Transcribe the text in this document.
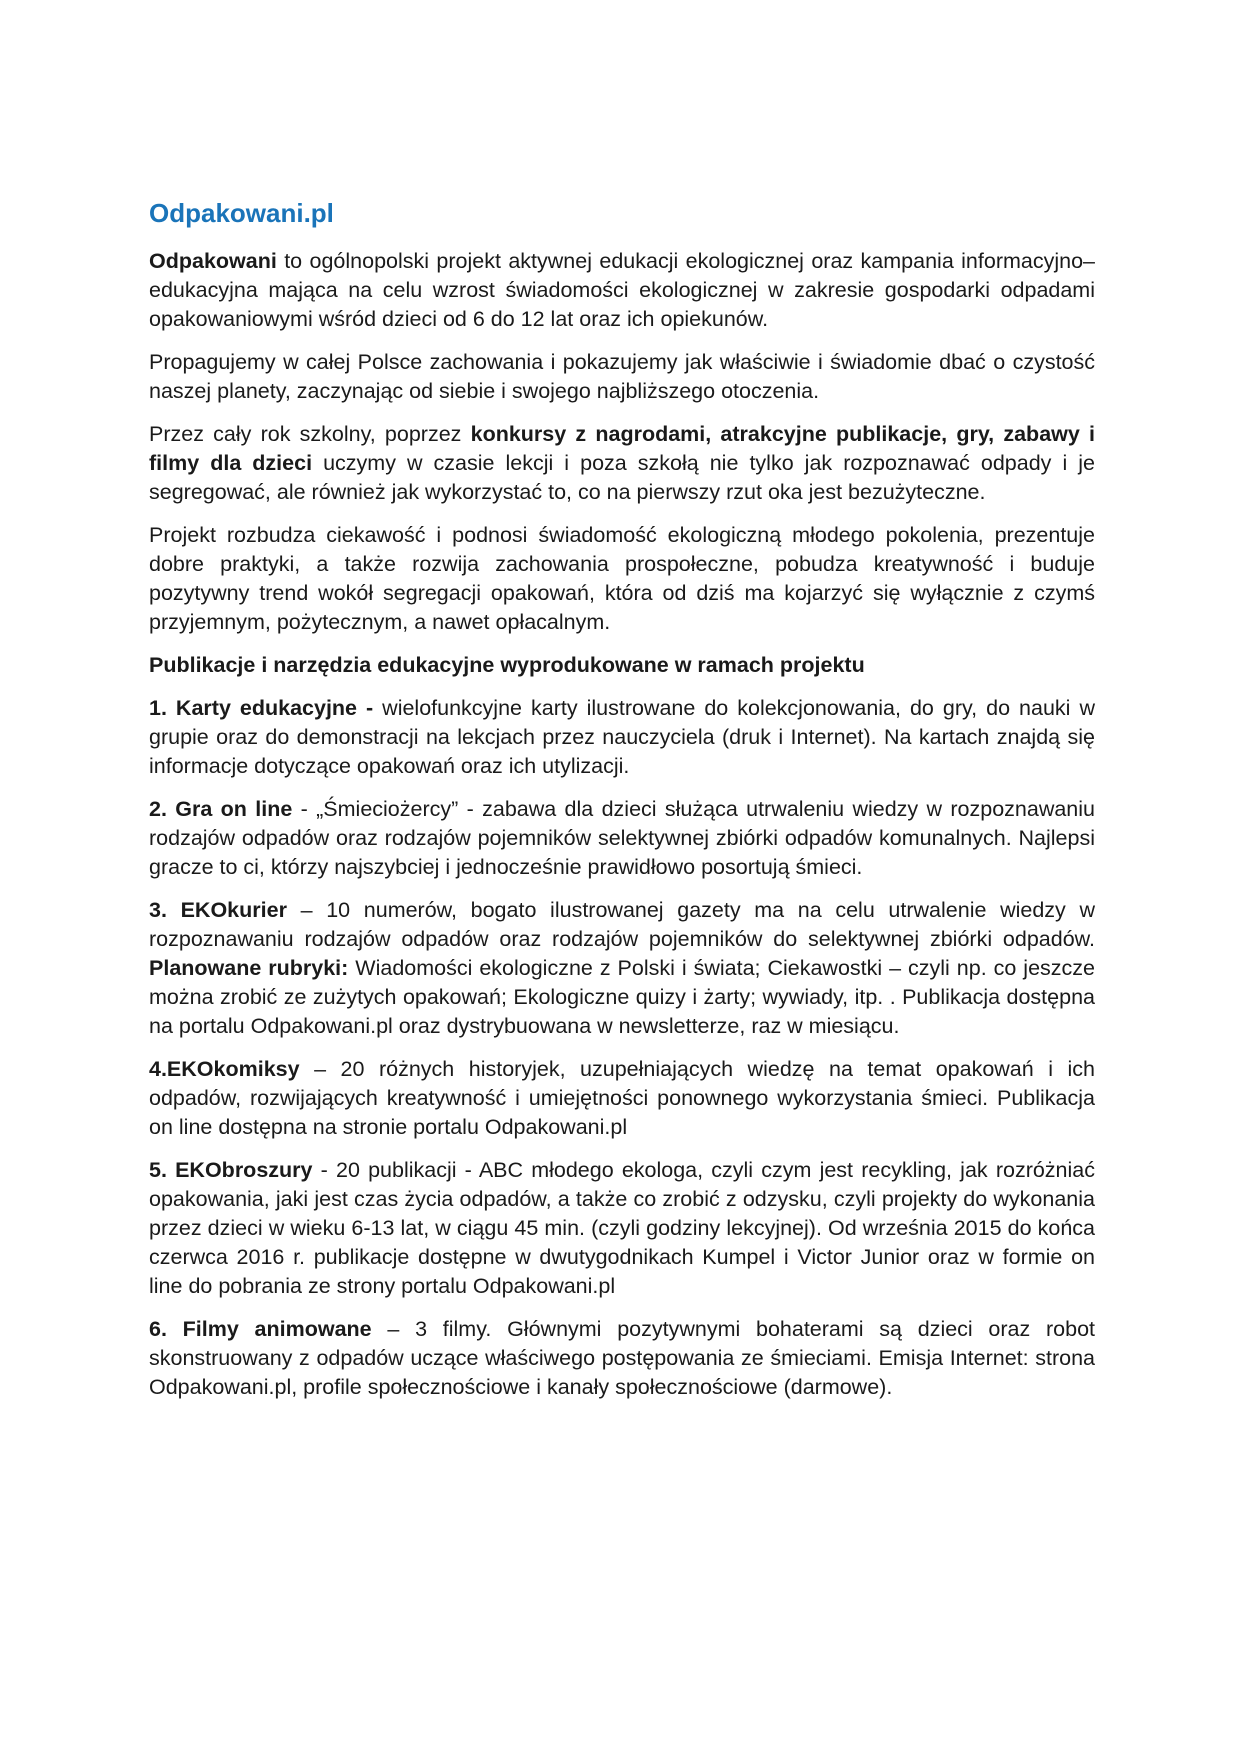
Odpakowani.pl

Odpakowani to ogólnopolski projekt aktywnej edukacji ekologicznej oraz kampania informacyjno–edukacyjna mająca na celu wzrost świadomości ekologicznej w zakresie gospodarki odpadami opakowaniowymi wśród dzieci od 6 do 12 lat oraz ich opiekunów.

Propagujemy w całej Polsce zachowania i pokazujemy jak właściwie i świadomie dbać o czystość naszej planety, zaczynając od siebie i swojego najbliższego otoczenia.

Przez cały rok szkolny, poprzez konkursy z nagrodami, atrakcyjne publikacje, gry, zabawy i filmy dla dzieci uczymy w czasie lekcji i poza szkołą nie tylko jak rozpoznawać odpady i je segregować, ale również jak wykorzystać to, co na pierwszy rzut oka jest bezużyteczne.

Projekt rozbudza ciekawość i podnosi świadomość ekologiczną młodego pokolenia, prezentuje dobre praktyki, a także rozwija zachowania prospołeczne, pobudza kreatywność i buduje pozytywny trend wokół segregacji opakowań, która od dziś ma kojarzyć się wyłącznie z czymś przyjemnym, pożytecznym, a nawet opłacalnym.

Publikacje i narzędzia edukacyjne wyprodukowane w ramach projektu

1. Karty edukacyjne - wielofunkcyjne karty ilustrowane do kolekcjonowania, do gry, do nauki w grupie oraz do demonstracji na lekcjach przez nauczyciela (druk i Internet). Na kartach znajdą się informacje dotyczące opakowań oraz ich utylizacji.

2. Gra on line - „Śmieciożercy” - zabawa dla dzieci służąca utrwaleniu wiedzy w rozpoznawaniu rodzajów odpadów oraz rodzajów pojemników selektywnej zbiórki odpadów komunalnych. Najlepsi gracze to ci, którzy najszybciej i jednocześnie prawidłowo posortują śmieci.

3. EKOkurier – 10 numerów, bogato ilustrowanej gazety ma na celu utrwalenie wiedzy w rozpoznawaniu rodzajów odpadów oraz rodzajów pojemników do selektywnej zbiórki odpadów. Planowane rubryki: Wiadomości ekologiczne z Polski i świata; Ciekawostki – czyli np. co jeszcze można zrobić ze zużytych opakowań; Ekologiczne quizy i żarty; wywiady, itp. . Publikacja dostępna na portalu Odpakowani.pl oraz dystrybuowana w newsletterze, raz w miesiącu.

4.EKOkomiksy – 20 różnych historyjek, uzupełniających wiedzę na temat opakowań i ich odpadów, rozwijających kreatywność i umiejętności ponownego wykorzystania śmieci. Publikacja on line dostępna na stronie portalu Odpakowani.pl

5. EKObroszury - 20 publikacji - ABC młodego ekologa, czyli czym jest recykling, jak rozróżniać opakowania, jaki jest czas życia odpadów, a także co zrobić z odzysku, czyli projekty do wykonania przez dzieci w wieku 6-13 lat, w ciągu 45 min. (czyli godziny lekcyjnej). Od września 2015 do końca czerwca 2016 r. publikacje dostępne w dwutygodnikach Kumpel i Victor Junior oraz w formie on line do pobrania ze strony portalu Odpakowani.pl

6. Filmy animowane – 3 filmy. Głównymi pozytywnymi bohaterami są dzieci oraz robot skonstruowany z odpadów uczące właściwego postępowania ze śmieciami. Emisja Internet: strona Odpakowani.pl, profile społecznościowe i kanały społecznościowe (darmowe).
